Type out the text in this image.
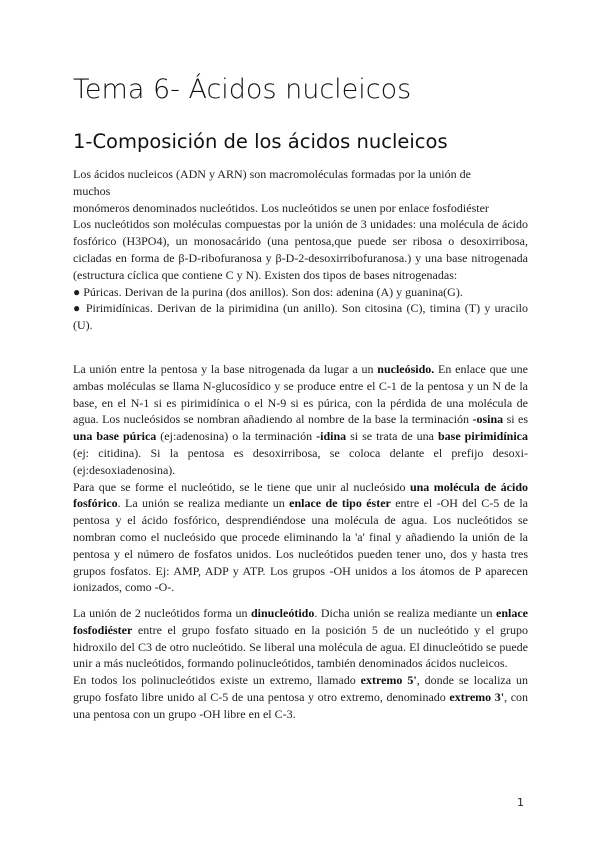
Tema 6- Ácidos nucleicos
1-Composición de los ácidos nucleicos

Los ácidos nucleicos (ADN y ARN) son macromoléculas formadas por la unión de

muchos

monómeros denominados nucleótidos. Los nucleótidos se unen por enlace fosfodiéster

Los nucleótidos son moléculas compuestas por la unión de 3 unidades: una molécula de ácido fosfórico (H3PO4), un monosacárido (una pentosa,que puede ser ribosa o desoxirribosa, cicladas en forma de β-D-ribofuranosa y β-D-2-desoxirribofuranosa.) y una base nitrogenada (estructura cíclica que contiene C y N). Existen dos tipos de bases nitrogenadas:

● Púricas. Derivan de la purina (dos anillos). Son dos: adenina (A) y guanina(G).

● Pirimidínicas. Derivan de la pirimidina (un anillo). Son citosina (C), timina (T) y uracilo (U).

La unión entre la pentosa y la base nitrogenada da lugar a un nucleósido. En enlace que une ambas moléculas se llama N-glucosídico y se produce entre el C-1 de la pentosa y un N de la base, en el N-1 si es pirimidínica o el N-9 si es púrica, con la pérdida de una molécula de agua. Los nucleósidos se nombran añadiendo al nombre de la base la terminación -osina si es una base púrica (ej:adenosina) o la terminación -idina si se trata de una base pirimidínica (ej: citidina). Si la pentosa es desoxirribosa, se coloca delante el prefijo desoxi- (ej:desoxiadenosina).

Para que se forme el nucleótido, se le tiene que unir al nucleósido una molécula de ácido fosfórico. La unión se realiza mediante un enlace de tipo éster entre el -OH del C-5 de la pentosa y el ácido fosfórico, desprendiéndose una molécula de agua. Los nucleótidos se nombran como el nucleósido que procede eliminando la 'a' final y añadiendo la unión de la pentosa y el número de fosfatos unidos. Los nucleótidos pueden tener uno, dos y hasta tres grupos fosfatos. Ej: AMP, ADP y ATP. Los grupos -OH unidos a los átomos de P aparecen ionizados, como -O-.

La unión de 2 nucleótidos forma un dinucleótido. Dicha unión se realiza mediante un enlace fosfodiéster entre el grupo fosfato situado en la posición 5 de un nucleótido y el grupo hidroxilo del C3 de otro nucleótido. Se liberal una molécula de agua. El dinucleótido se puede unir a más nucleótidos, formando polinucleótidos, también denominados ácidos nucleicos.

En todos los polinucleótidos existe un extremo, llamado extremo 5', donde se localiza un grupo fosfato libre unido al C-5 de una pentosa y otro extremo, denominado extremo 3', con una pentosa con un grupo -OH libre en el C-3.

1
